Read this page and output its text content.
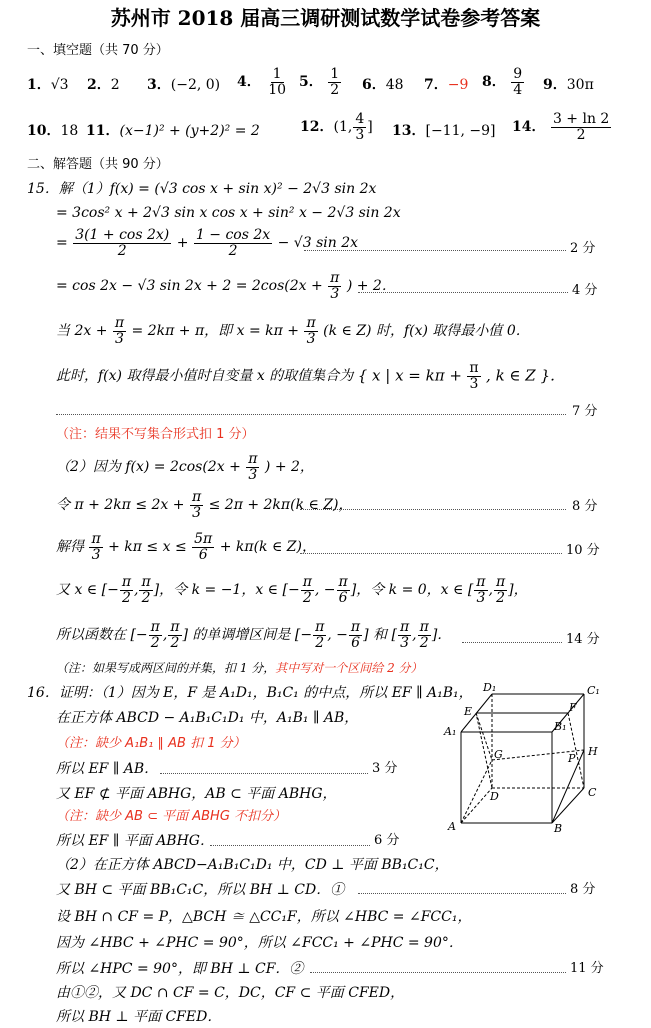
苏州市 2018 届高三调研测试数学试卷参考答案
一、填空题（共 70 分）
1．√3 2．2 3．(−2, 0) 4． $\frac{1}{10} 5$． $\frac{1}{2} 6$．48 7．−9 8． $\frac{9}{4} 9$．30π
10．18 11．(x−1)² + (y+2)² = 2	12．(1, $\frac{4}{3}$ ] 13．[−11, −9] 14． $\frac{3 + \ln 2}{2}$
二、解答题（共 90 分）
15．解（1）f(x) = (√3 cos x + sin x)² − 2√3 sin 2x
= 3cos² x + 2√3 sin x cos x + sin² x − 2√3 sin 2x
= $\frac{3(1 + \cos 2x)}{2} + \frac{1 - \cos 2x}{2} - √3$ sin 2x	2 分
= cos 2x − √3 $\sin 2x + 2 = 2\cos(2x + \frac{\pi}{3}$ ) + 2．	4 分
当 $2x + \frac{\pi}{3} = 2k\pi + \pi$，即 $x = k\pi + \frac{\pi}{3} (k$ ∈ Z) 时，f(x) 取得最小值 0．
此时，f(x) 取得最小值时自变量 x 的取值集合为 { x | $x = k\pi + \frac{\pi}{3}$ , k ∈ Z }．
7 分
（注：结果不写集合形式扣 1 分）
（2）因为 $f(x) = 2\cos(2x + \frac{\pi}{3}$ ) + 2，
令 $\pi + 2k\pi \le 2x + \frac{\pi}{3} \le 2\pi + 2k\pi(k$ ∈ Z)，	8 分
解得 $\frac{\pi}{3} + k\pi \le x \le \frac{5\pi}{6} + k\pi(k$ ∈ Z)，	10 分
又 x ∈ [− $\frac{\pi}{2}$ , $\frac{\pi}{2}$ ]，令 k = −1，x ∈ [− $\frac{\pi}{2}$ , − $\frac{\pi}{6}$ ]，令 k = 0，x ∈ [ $\frac{\pi}{3}$ , $\frac{\pi}{2}$ ]，
所以函数在 [− $\frac{\pi}{2}$ , $\frac{\pi}{2}$ ] 的单调增区间是 [− $\frac{\pi}{2}$ , − $\frac{\pi}{6}$ ] 和 [ $\frac{\pi}{3}$ , $\frac{\pi}{2}$ ]．	14 分
（注：如果写成两区间的并集，扣 1 分，其中写对一个区间给 2 分）
16．证明：（1）因为 E，F 是 A₁D₁，B₁C₁ 的中点，所以 EF ∥ A₁B₁，
在正方体 ABCD − A₁B₁C₁D₁ 中，A₁B₁ ∥ AB，
（注：缺少 A₁B₁ ∥ AB 扣 1 分）
所以 EF ∥ AB．	3 分
又 EF ⊄ 平面 ABHG，AB ⊂ 平面 ABHG，
（注：缺少 AB ⊂ 平面 ABHG 不扣分）
所以 EF ∥ 平面 ABHG．	6 分
（2）在正方体 ABCD−A₁B₁C₁D₁ 中，CD ⊥ 平面 BB₁C₁C，
又 BH ⊂ 平面 BB₁C₁C，所以 BH ⊥ CD．①	8 分
设 BH ∩ CF = P，△BCH ≅ △CC₁F，所以 ∠HBC = ∠FCC₁，
因为 ∠HBC + ∠PHC = 90°，所以 ∠FCC₁ + ∠PHC = 90°．
所以 ∠HPC = 90°，即 BH ⊥ CF．②	11 分
由①②，又 DC ∩ CF = C，DC，CF ⊂ 平面 CFED，
所以 BH ⊥ 平面 CFED．
D₁	C₁
E	F
A₁	B₁
G	H
P
D	C
A	B
